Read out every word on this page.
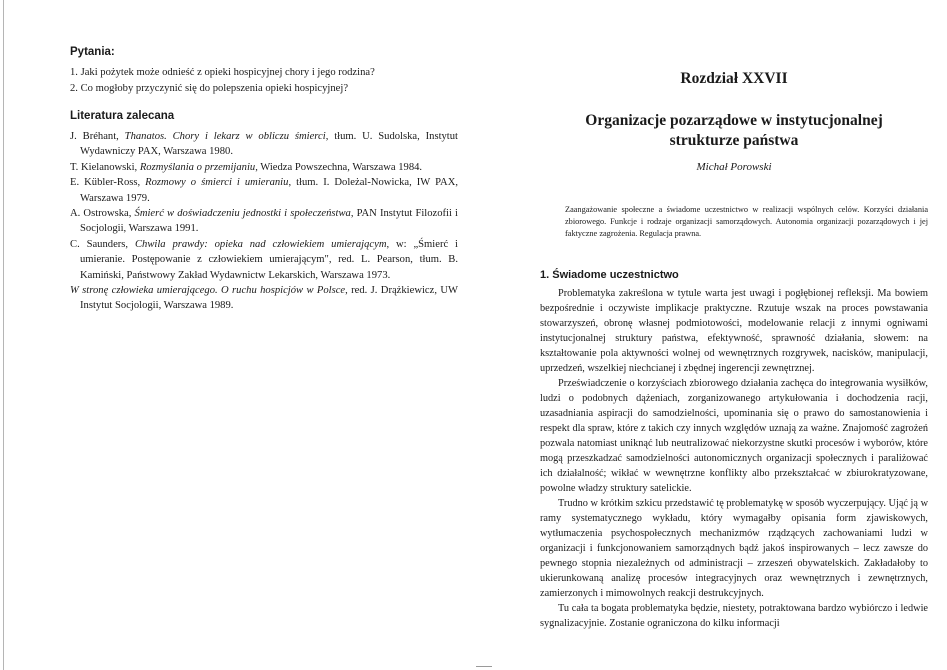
Pytania:
1. Jaki pożytek może odnieść z opieki hospicyjnej chory i jego rodzina?
2. Co mogłoby przyczynić się do polepszenia opieki hospicyjnej?
Literatura zalecana
J. Bréhant, Thanatos. Chory i lekarz w obliczu śmierci, tłum. U. Sudolska, Instytut Wydawniczy PAX, Warszawa 1980.
T. Kielanowski, Rozmyślania o przemijaniu, Wiedza Powszechna, Warszawa 1984.
E. Kübler-Ross, Rozmowy o śmierci i umieraniu, tłum. I. Doleżal-Nowicka, IW PAX, Warszawa 1979.
A. Ostrowska, Śmierć w doświadczeniu jednostki i społeczeństwa, PAN Instytut Filozofii i Socjologii, Warszawa 1991.
C. Saunders, Chwila prawdy: opieka nad człowiekiem umierającym, w: „Śmierć i umieranie. Postępowanie z człowiekiem umierającym", red. L. Pearson, tłum. B. Kamiński, Państwowy Zakład Wydawnictw Lekarskich, Warszawa 1973.
W stronę człowieka umierającego. O ruchu hospicjów w Polsce, red. J. Drążkiewicz, UW Instytut Socjologii, Warszawa 1989.
Rozdział XXVII
Organizacje pozarządowe w instytucjonalnej
strukturze państwa
Michał Porowski
Zaangażowanie społeczne a świadome uczestnictwo w realizacji wspólnych celów. Korzyści działania zbiorowego. Funkcje i rodzaje organizacji samorządowych. Autonomia organizacji pozarządowych i jej faktyczne zagrożenia. Regulacja prawna.
1. Świadome uczestnictwo

Problematyka zakreślona w tytule warta jest uwagi i pogłębionej refleksji. Ma bowiem bezpośrednie i oczywiste implikacje praktyczne. Rzutuje wszak na proces powstawania stowarzyszeń, obronę własnej podmiotowości, modelowanie relacji z innymi ogniwami instytucjonalnej struktury państwa, efektywność, sprawność działania, słowem: na kształtowanie pola aktywności wolnej od wewnętrznych rozgrywek, nacisków, manipulacji, uprzedzeń, wszelkiej niechcianej i zbędnej ingerencji zewnętrznej.

Przeświadczenie o korzyściach zbiorowego działania zachęca do integrowania wysiłków, ludzi o podobnych dążeniach, zorganizowanego artykułowania i dochodzenia racji, uzasadniania aspiracji do samodzielności, upominania się o prawo do samostanowienia i respekt dla spraw, które z takich czy innych względów uznają za ważne. Znajomość zagrożeń pozwala natomiast uniknąć lub neutralizować niekorzystne skutki procesów i wyborów, które mogą przeszkadzać samodzielności autonomicznych organizacji społecznych i paraliżować ich działalność; wikłać w wewnętrzne konflikty albo przekształcać w zbiurokratyzowane, powolne władzy struktury satelickie.

Trudno w krótkim szkicu przedstawić tę problematykę w sposób wyczerpujący. Ująć ją w ramy systematycznego wykładu, który wymagałby opisania form zjawiskowych, wytłumaczenia psychospołecznych mechanizmów rządzących zachowaniami ludzi w organizacji i funkcjonowaniem samorządnych bądź jakoś inspirowanych – lecz zawsze do pewnego stopnia niezależnych od administracji – zrzeszeń obywatelskich. Zakładałoby to ukierunkowaną analizę procesów integracyjnych oraz wewnętrznych i zewnętrznych, zamierzonych i mimowolnych reakcji destrukcyjnych.

Tu cała ta bogata problematyka będzie, niestety, potraktowana bardzo wybiórczo i ledwie sygnalizacyjnie. Zostanie ograniczona do kilku informacji
